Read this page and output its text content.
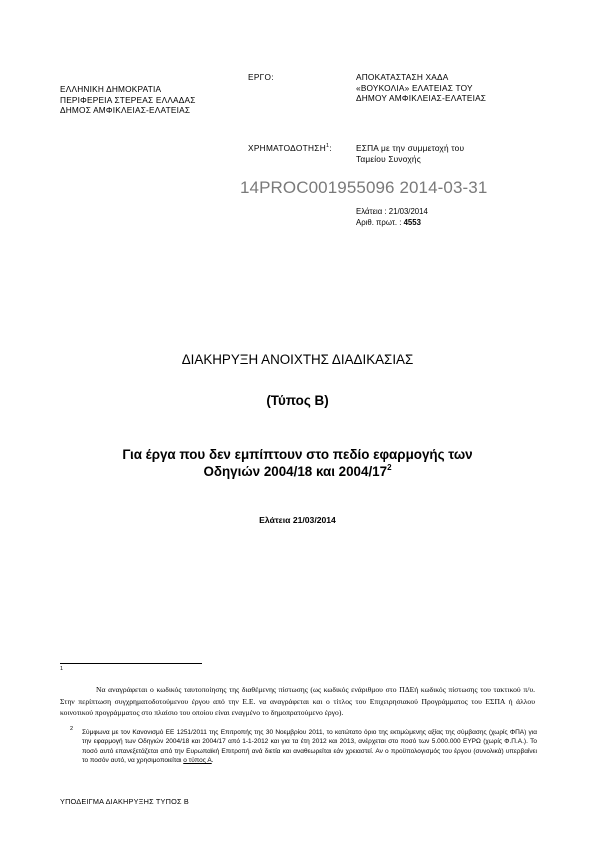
ΕΛΛΗΝΙΚΗ ΔΗΜΟΚΡΑΤΙΑ
ΠΕΡΙΦΕΡΕΙΑ ΣΤΕΡΕΑΣ ΕΛΛΑΔΑΣ
ΔΗΜΟΣ ΑΜΦΙΚΛΕΙΑΣ-ΕΛΑΤΕΙΑΣ
ΕΡΓΟ:	ΑΠΟΚΑΤΑΣΤΑΣΗ ΧΑΔΑ
«ΒΟΥΚΟΛΙΑ» ΕΛΑΤΕΙΑΣ ΤΟΥ
ΔΗΜΟΥ ΑΜΦΙΚΛΕΙΑΣ-ΕΛΑΤΕΙΑΣ
ΧΡΗΜΑΤΟΔΟΤΗΣΗ$^1$:	ΕΣΠΑ με την συμμετοχή του
Ταμείου Συνοχής
14PROC001955096 2014-03-31
Ελάτεια : 21/03/2014
Αριθ. πρωτ. : 4553
ΔΙΑΚΗΡΥΞΗ ΑΝΟΙΧΤΗΣ ΔΙΑΔΙΚΑΣΙΑΣ
(Τύπος Β)
Για έργα που δεν εμπίπτουν στο πεδίο εφαρμογής των
Οδηγιών 2004/18 και $2004/17^2$
Ελάτεια 21/03/2014
1
Να αναγράφεται ο κωδικός ταυτοποίησης της διαθέμενης πίστωσης (ως κωδικός ενάριθμου στο ΠΔΕή κωδικός πίστωσης του τακτικού π/υ. Στην περίπτωση συγχρηματοδοτούμενου έργου από την Ε.Ε. να αναγράφεται και ο τίτλος του Επιχειρησιακού Προγράμματος του ΕΣΠΑ ή άλλου κοινοτικού προγράμματος στο πλαίσιο του οποίου είναι εναγμένο το δημοπρατούμενο έργο).
2 Σύμφωνα με τον Κανονισμό ΕΕ 1251/2011 της Επιτροπής της 30 Νοεμβρίου 2011, το κατώτατο όριο της εκτιμώμενης αξίας της σύμβασης (χωρίς ΦΠΑ) για την εφαρμογή των Οδηγιών 2004/18 και 2004/17 από 1-1-2012 και για τα έτη 2012 και 2013, ανέρχεται στο ποσό των 5.000.000 ΕΥΡΩ (χωρίς Φ.Π.Α.). Το ποσό αυτό επανεξετάζεται από την Ευρωπαϊκή Επιτροπή ανά διετία και αναθεωρείται εάν χρειαστεί. Αν ο προϋπολογισμός του έργου (συνολικά) υπερβαίνει το ποσόν αυτό, να χρησιμοποιείται ο τύπος Α.
ΥΠΟΔΕΙΓΜΑ ΔΙΑΚΗΡΥΞΗΣ ΤΥΠΟΣ Β
